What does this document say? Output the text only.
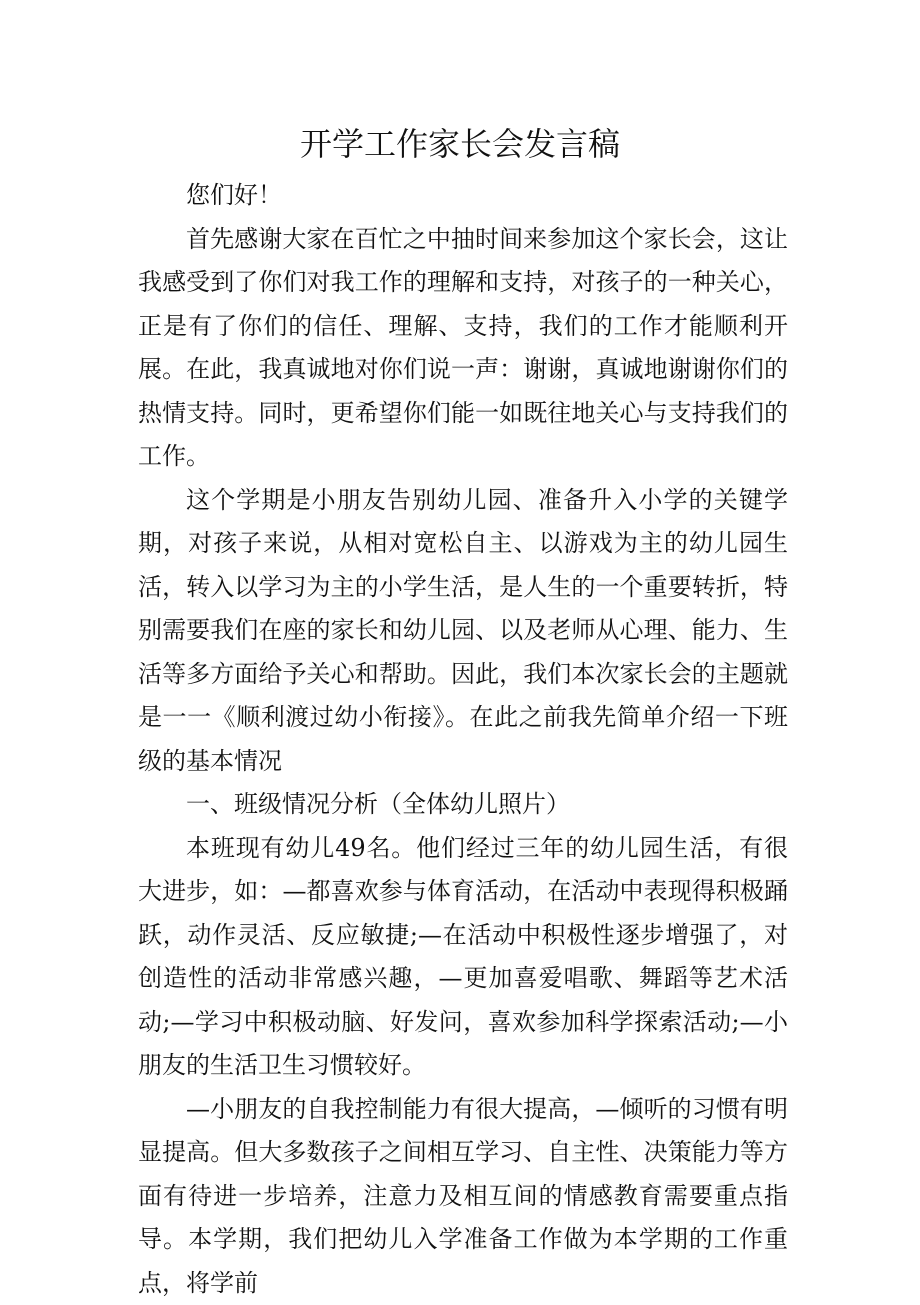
开学工作家长会发言稿

您们好！

首先感谢大家在百忙之中抽时间来参加这个家长会，这让我感受到了你们对我工作的理解和支持，对孩子的一种关心，正是有了你们的信任、理解、支持，我们的工作才能顺利开展。在此，我真诚地对你们说一声：谢谢，真诚地谢谢你们的热情支持。同时，更希望你们能一如既往地关心与支持我们的工作。

这个学期是小朋友告别幼儿园、准备升入小学的关键学期，对孩子来说，从相对宽松自主、以游戏为主的幼儿园生活，转入以学习为主的小学生活，是人生的一个重要转折，特别需要我们在座的家长和幼儿园、以及老师从心理、能力、生活等多方面给予关心和帮助。因此，我们本次家长会的主题就是一一《顺利渡过幼小衔接》。在此之前我先简单介绍一下班级的基本情况

一、班级情况分析（全体幼儿照片）

本班现有幼儿49名。他们经过三年的幼儿园生活，有很大进步，如：—都喜欢参与体育活动，在活动中表现得积极踊跃，动作灵活、反应敏捷;—在活动中积极性逐步增强了，对创造性的活动非常感兴趣，—更加喜爱唱歌、舞蹈等艺术活动;—学习中积极动脑、好发问，喜欢参加科学探索活动;—小朋友的生活卫生习惯较好。

—小朋友的自我控制能力有很大提高，—倾听的习惯有明显提高。但大多数孩子之间相互学习、自主性、决策能力等方面有待进一步培养，注意力及相互间的情感教育需要重点指导。本学期，我们把幼儿入学准备工作做为本学期的工作重点，将学前
